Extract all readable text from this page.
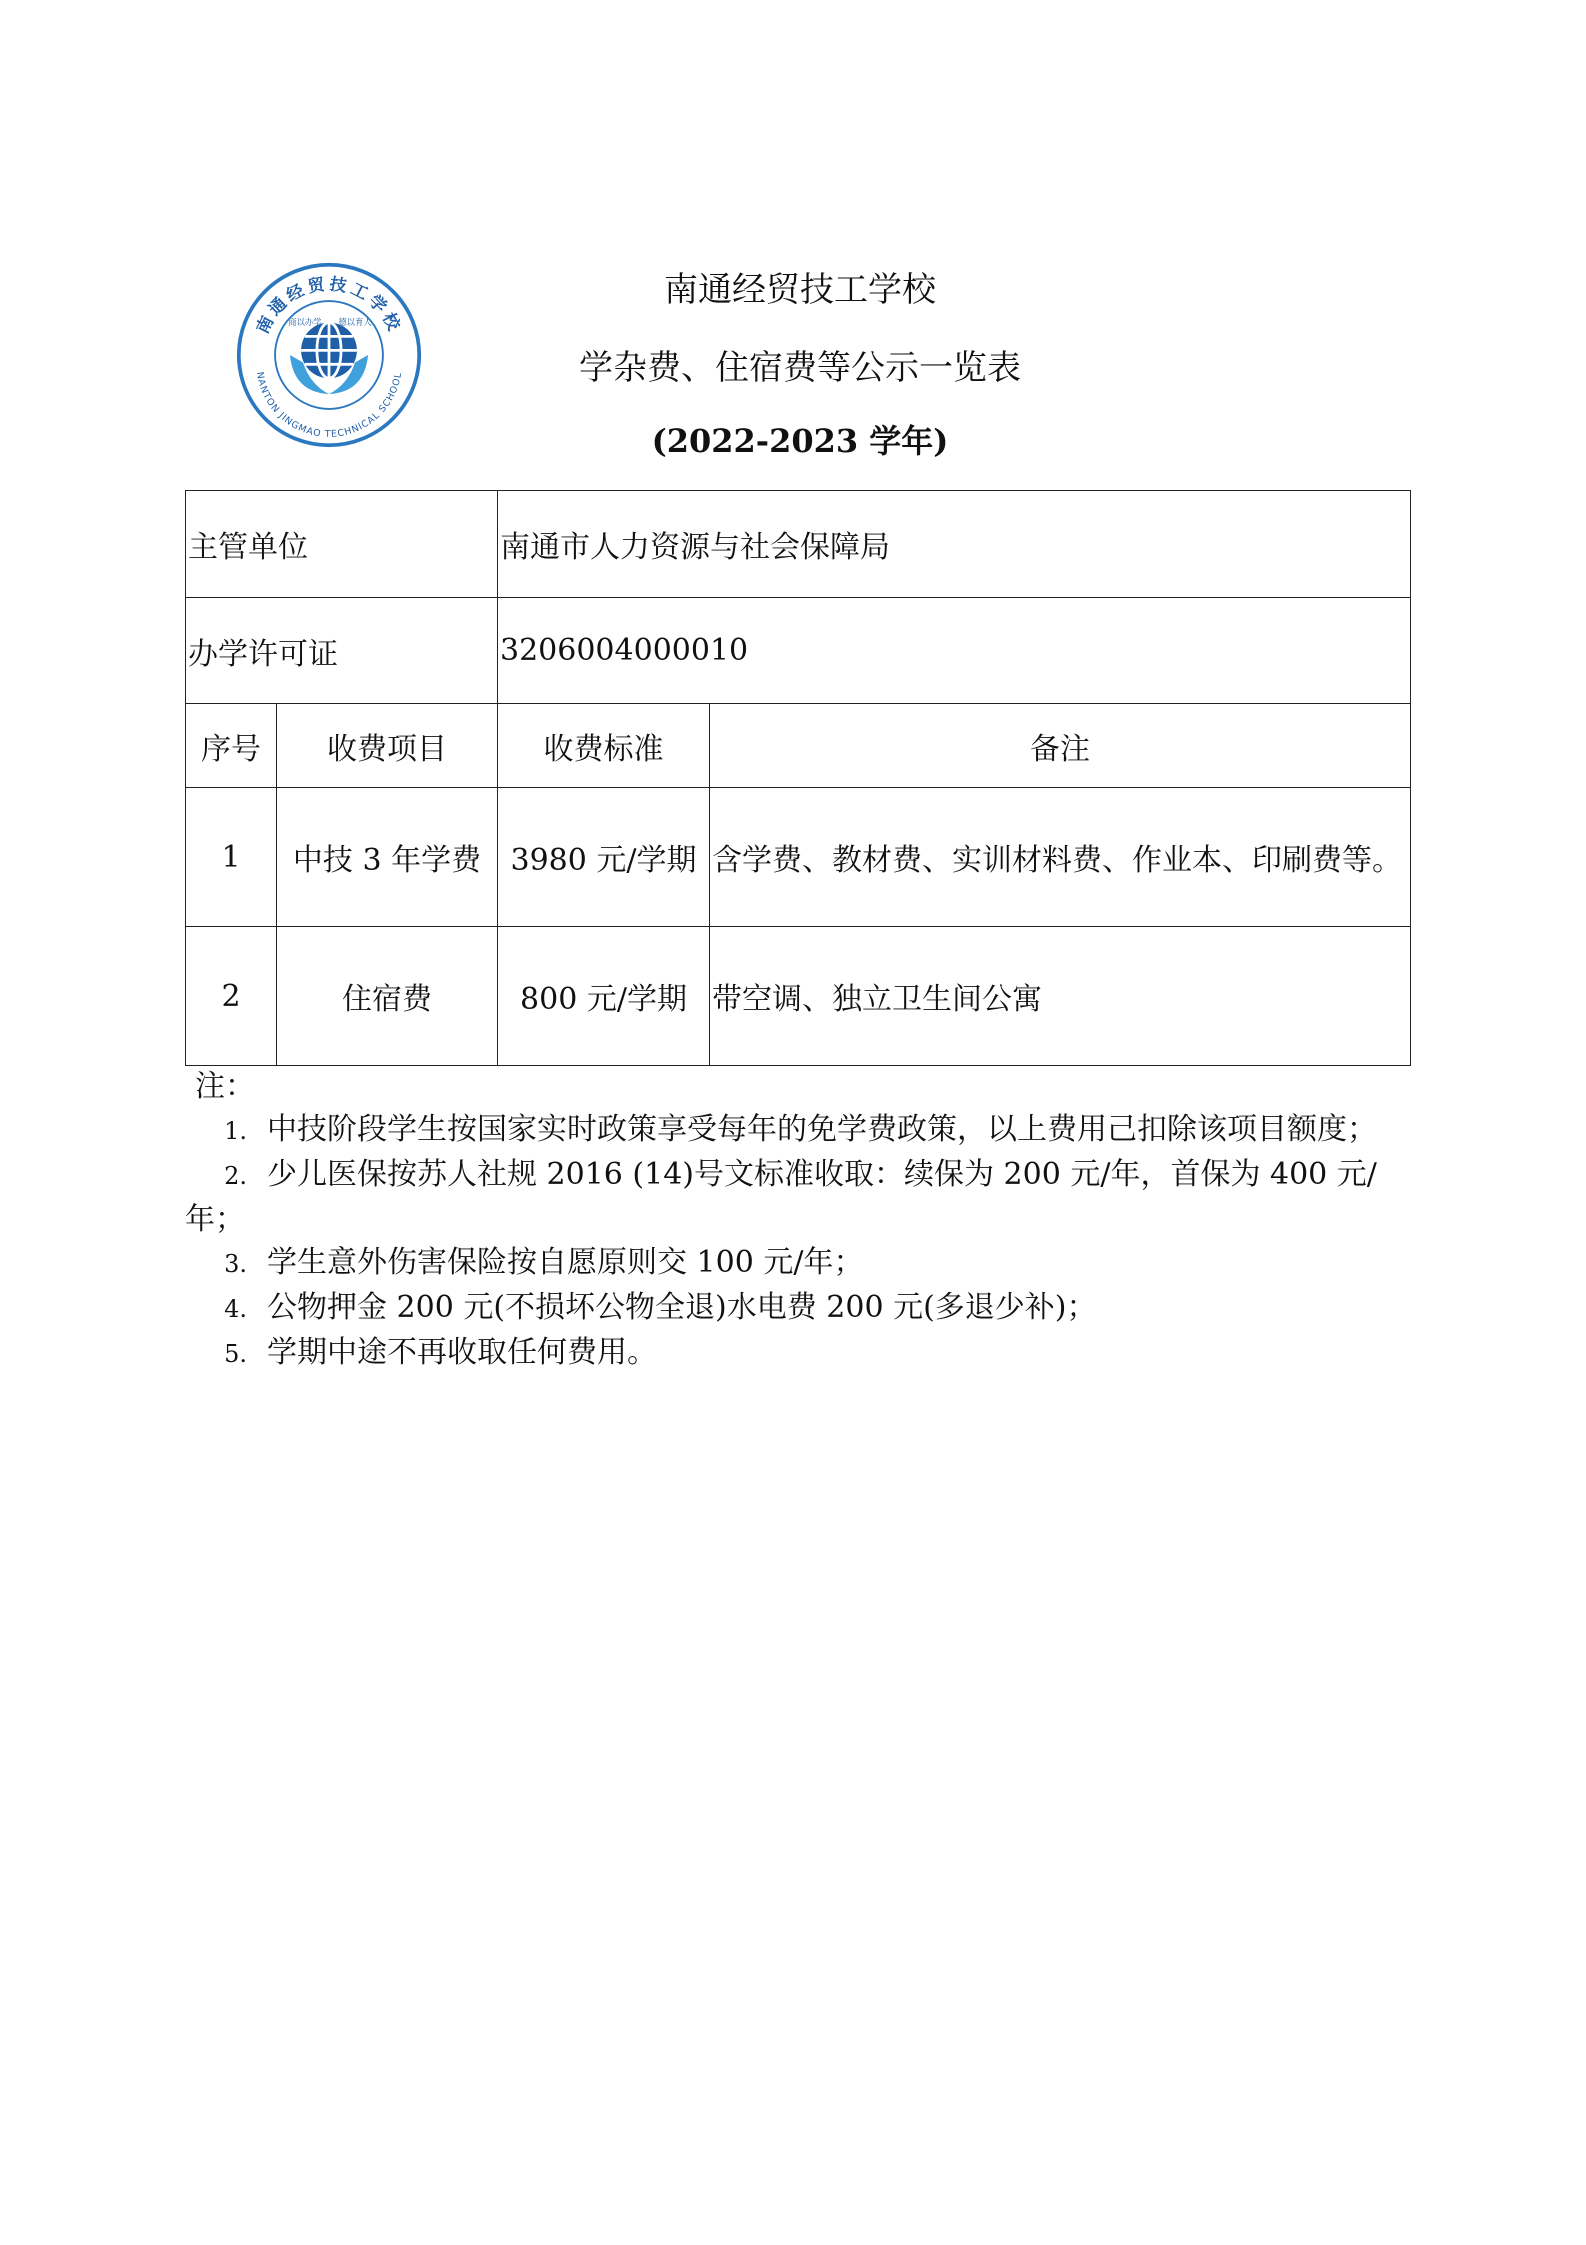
南通经贸技工学校
NANTON JINGMAO TECHNICAL SCHOOL
商以办学 德以育人
南通经贸技工学校
学杂费、住宿费等公示一览表
(2022-2023 学年)
主管单位		南通市人力资源与社会保障局	
办学许可证		3206004000010	
序号	收费项目	收费标准	备注
1	中技 3 年学费	3980 元/学期	含学费、教材费、实训材料费、作业本、印刷费等。
2	住宿费	800 元/学期	带空调、独立卫生间公寓
注：
1. 中技阶段学生按国家实时政策享受每年的免学费政策，以上费用己扣除该项目额度；
2. 少儿医保按苏人社规 2016 (14)号文标准收取：续保为 200 元/年，首保为 400 元/
年；
3. 学生意外伤害保险按自愿原则交 100 元/年；
4. 公物押金 200 元(不损坏公物全退)水电费 200 元(多退少补)；
5. 学期中途不再收取任何费用。
